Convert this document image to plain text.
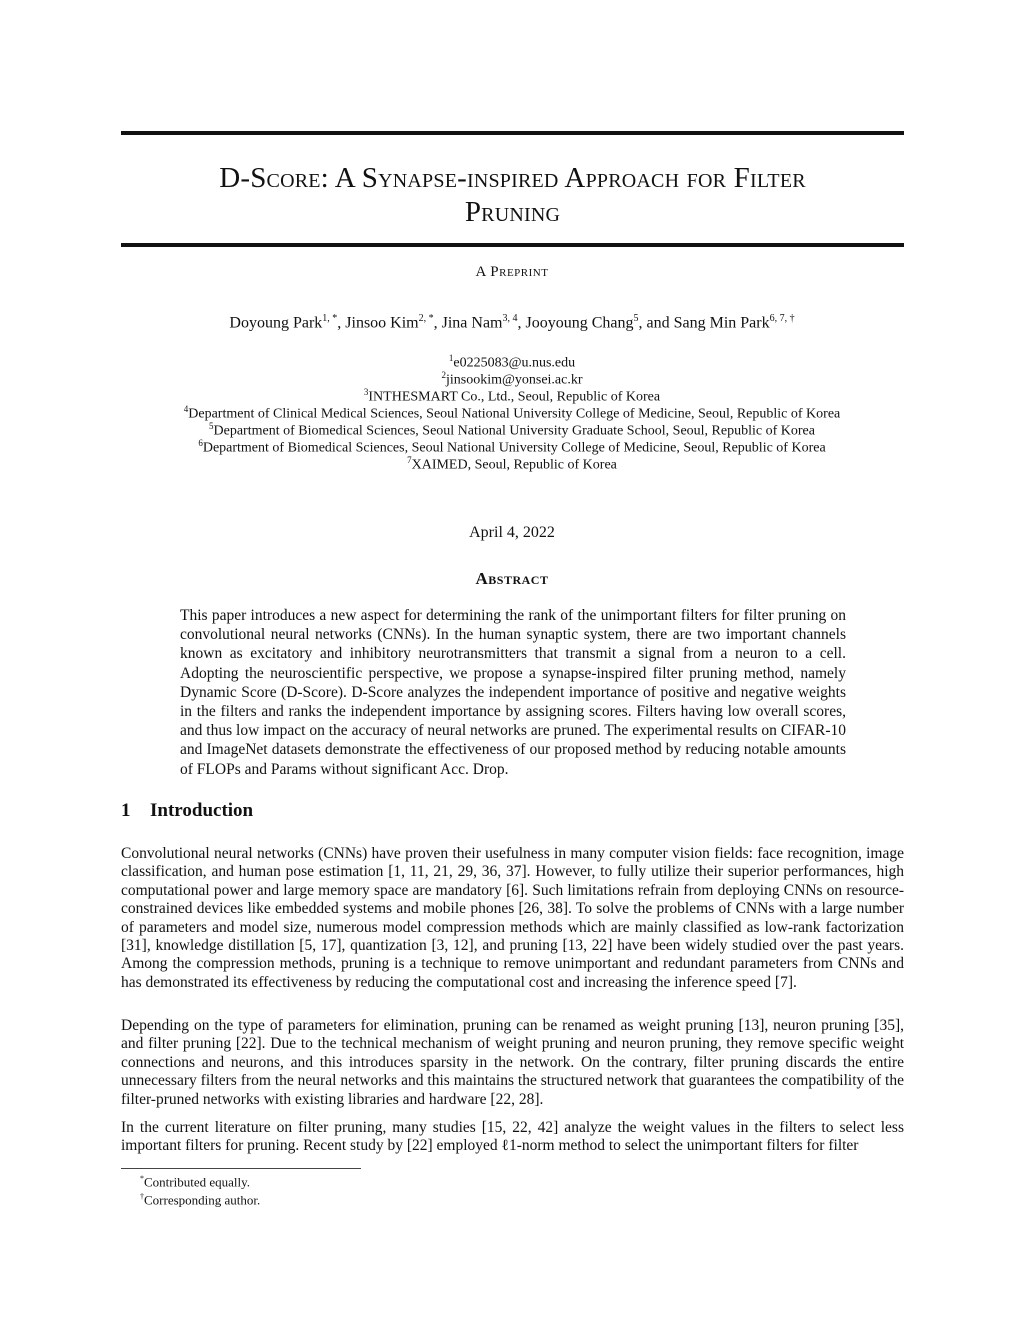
D-Score: A Synapse-inspired Approach for Filter
Pruning
A Preprint
Doyoung Park$^{1, *}$, Jinsoo Kim$^{2, *}$, Jina Nam$^{3, 4}$, Jooyoung Chang$^5$, and Sang Min Park$^{6, 7, \dagger}$
$^1$e0225083@u.nus.edu
$^2$jinsookim@yonsei.ac.kr
$^3$INTHESMART Co., Ltd., Seoul, Republic of Korea
$^4$Department of Clinical Medical Sciences, Seoul National University College of Medicine, Seoul, Republic of Korea
$^5$Department of Biomedical Sciences, Seoul National University Graduate School, Seoul, Republic of Korea
$^6$Department of Biomedical Sciences, Seoul National University College of Medicine, Seoul, Republic of Korea
$^7$XAIMED, Seoul, Republic of Korea
April 4, 2022
Abstract

This paper introduces a new aspect for determining the rank of the unimportant filters for filter pruning on convolutional neural networks (CNNs). In the human synaptic system, there are two important channels known as excitatory and inhibitory neurotransmitters that transmit a signal from a neuron to a cell. Adopting the neuroscientific perspective, we propose a synapse-inspired filter pruning method, namely Dynamic Score (D-Score). D-Score analyzes the independent importance of positive and negative weights in the filters and ranks the independent importance by assigning scores. Filters having low overall scores, and thus low impact on the accuracy of neural networks are pruned. The experimental results on CIFAR-10 and ImageNet datasets demonstrate the effectiveness of our proposed method by reducing notable amounts of FLOPs and Params without significant Acc. Drop.

1 Introduction

Convolutional neural networks (CNNs) have proven their usefulness in many computer vision fields: face recognition, image classification, and human pose estimation [1, 11, 21, 29, 36, 37]. However, to fully utilize their superior performances, high computational power and large memory space are mandatory [6]. Such limitations refrain from deploying CNNs on resource-constrained devices like embedded systems and mobile phones [26, 38]. To solve the problems of CNNs with a large number of parameters and model size, numerous model compression methods which are mainly classified as low-rank factorization [31], knowledge distillation [5, 17], quantization [3, 12], and pruning [13, 22] have been widely studied over the past years. Among the compression methods, pruning is a technique to remove unimportant and redundant parameters from CNNs and has demonstrated its effectiveness by reducing the computational cost and increasing the inference speed [7].

Depending on the type of parameters for elimination, pruning can be renamed as weight pruning [13], neuron pruning [35], and filter pruning [22]. Due to the technical mechanism of weight pruning and neuron pruning, they remove specific weight connections and neurons, and this introduces sparsity in the network. On the contrary, filter pruning discards the entire unnecessary filters from the neural networks and this maintains the structured network that guarantees the compatibility of the filter-pruned networks with existing libraries and hardware [22, 28].

In the current literature on filter pruning, many studies [15, 22, 42] analyze the weight values in the filters to select less important filters for pruning. Recent study by [22] employed ℓ1-norm method to select the unimportant filters for filter

*Contributed equally.
†Corresponding author.
